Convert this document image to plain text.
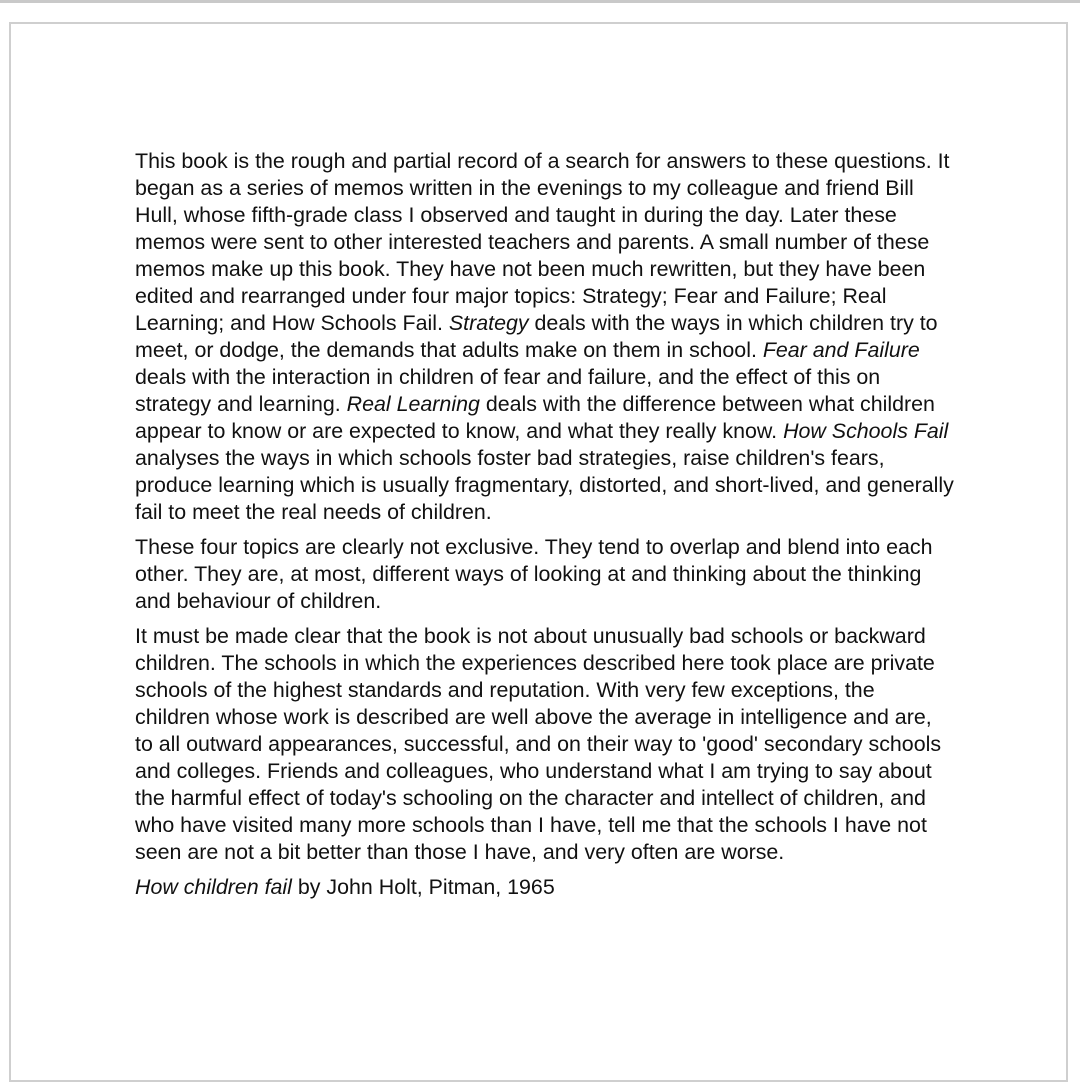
This book is the rough and partial record of a search for answers to these questions. It began as a series of memos written in the evenings to my colleague and friend Bill Hull, whose fifth-grade class I observed and taught in during the day. Later these memos were sent to other interested teachers and parents. A small number of these memos make up this book. They have not been much rewritten, but they have been edited and rearranged under four major topics: Strategy; Fear and Failure; Real Learning; and How Schools Fail. Strategy deals with the ways in which children try to meet, or dodge, the demands that adults make on them in school. Fear and Failure deals with the interaction in children of fear and failure, and the effect of this on strategy and learning. Real Learning deals with the difference between what children appear to know or are expected to know, and what they really know. How Schools Fail analyses the ways in which schools foster bad strategies, raise children's fears, produce learning which is usually fragmentary, distorted, and short-lived, and generally fail to meet the real needs of children.

These four topics are clearly not exclusive. They tend to overlap and blend into each other. They are, at most, different ways of looking at and thinking about the thinking and behaviour of children.

It must be made clear that the book is not about unusually bad schools or backward children. The schools in which the experiences described here took place are private schools of the highest standards and reputation. With very few exceptions, the children whose work is described are well above the average in intelligence and are, to all outward appearances, successful, and on their way to 'good' secondary schools and colleges. Friends and colleagues, who understand what I am trying to say about the harmful effect of today's schooling on the character and intellect of children, and who have visited many more schools than I have, tell me that the schools I have not seen are not a bit better than those I have, and very often are worse.

How children fail by John Holt, Pitman, 1965
